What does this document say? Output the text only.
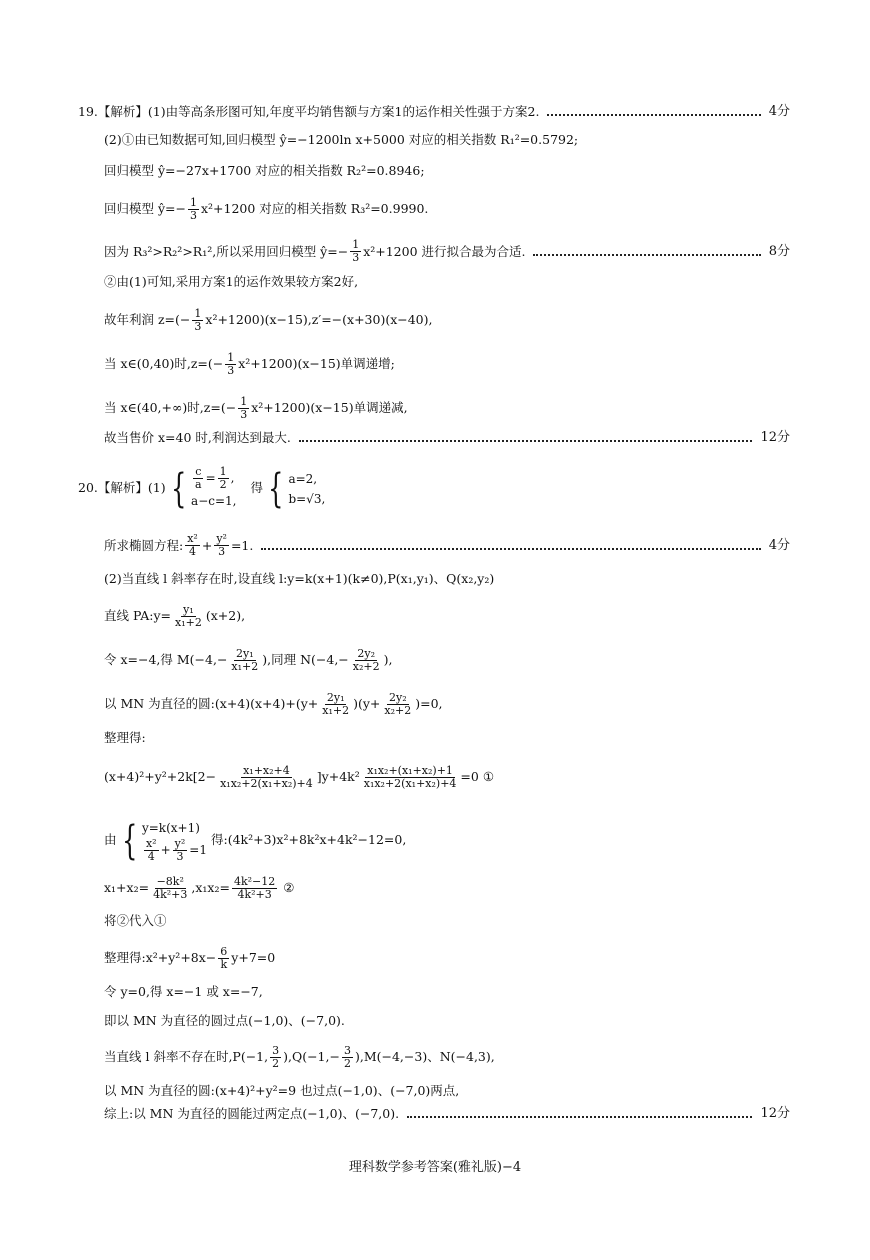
19.【解析】(1)由等高条形图可知,年度平均销售额与方案1的运作相关性强于方案2.	4分
(2)①由已知数据可知,回归模型 ŷ=−1200ln x+5000 对应的相关指数 R₁²=0.5792;
回归模型 ŷ=−27x+1700 对应的相关指数 R₂²=0.8946;
回归模型 ŷ=− $\frac{1}{3} x^2+1200$ 对应的相关指数 R₃²=0.9990.
因为 R₃²>R₂²>R₁²,所以采用回归模型 ŷ=− $\frac{1}{3} x^2+1200$ 进行拟合最为合适.	8分
②由(1)可知,采用方案1的运作效果较方案2好,
故年利润 $z=(- \frac{1}{3} x^2+1200)(x-15),z'=-(x+30)(x-40)$,
当 x∈(0,40)时$,z=(- \frac{1}{3} x^2+1200)(x-15)$单调递增;
当 x∈(40,+∞)时$,z=(- \frac{1}{3} x^2+1200)(x-15)$单调递减,
故当售价 x=40 时,利润达到最大.	12分
20.【解析】(1) { $\frac{c}{a} = \frac{1}{2}$ ,
a−c=1,
得 { a=2,
b=√3,
所求椭圆方程: $\frac{\text{x²}}{4} + \frac{\text{y²}}{3} =1$.	4分
(2)当直线 l 斜率存在时,设直线 l:y=k(x+1)(k≠0),P(x₁,y₁)、Q(x₂,y₂)
直线 PA:y= $\frac{\text{y₁}}{\text{x₁+2}} (x+2)$,
令 x=−4,得 $M(-4,- \frac{\text{2y₁}}{\text{x₁+2}}$ ),同理 $N(-4,- \frac{\text{2y₂}}{\text{x₂+2}}$ ),
以 MN 为直径的圆:(x+4)(x+4)+(y+ $\frac{\text{2y₁}}{\text{x₁+2}} )(y+ \frac{\text{2y₂}}{\text{x₂+2}} )=0$,
整理得:
$(x+4)^2+y^2+2k[2- \frac{\text{x₁+x₂+4}}{\text{x₁x₂+2(x₁+x₂)+4}} ]y+4k^2 \frac{\text{x₁x₂+(x₁+x₂)+1}}{\text{x₁x₂+2(x₁+x₂)+4}} =0$ ①
由 { y=k(x+1)
$\frac{\text{x²}}{4} + \frac{\text{y²}}{3} =1$
得:(4k²+3)x²+8k²x+4k²−12=0,
$x_1+x_2= \frac{\text{−8k²}}{\text{4k²+3}} ,x_1x_2= \frac{\text{4k²−12}}{\text{4k²+3}}$ ②
将②代入①
整理得:x²+y²+8x− $\frac{6}{k} y+7=0$
令 y=0,得 x=−1 或 x=−7,
即以 MN 为直径的圆过点(−1,0)、(−7,0).
当直线 l 斜率不存在时,P(−1, $\frac{3}{2} ),Q(-1,- \frac{3}{2} ),M(-4,-3)$、N(−4,3),
以 MN 为直径的圆:(x+4)²+y²=9 也过点(−1,0)、(−7,0)两点,
综上:以 MN 为直径的圆能过两定点(−1,0)、(−7,0).	12分
理科数学参考答案(雅礼版)−4
